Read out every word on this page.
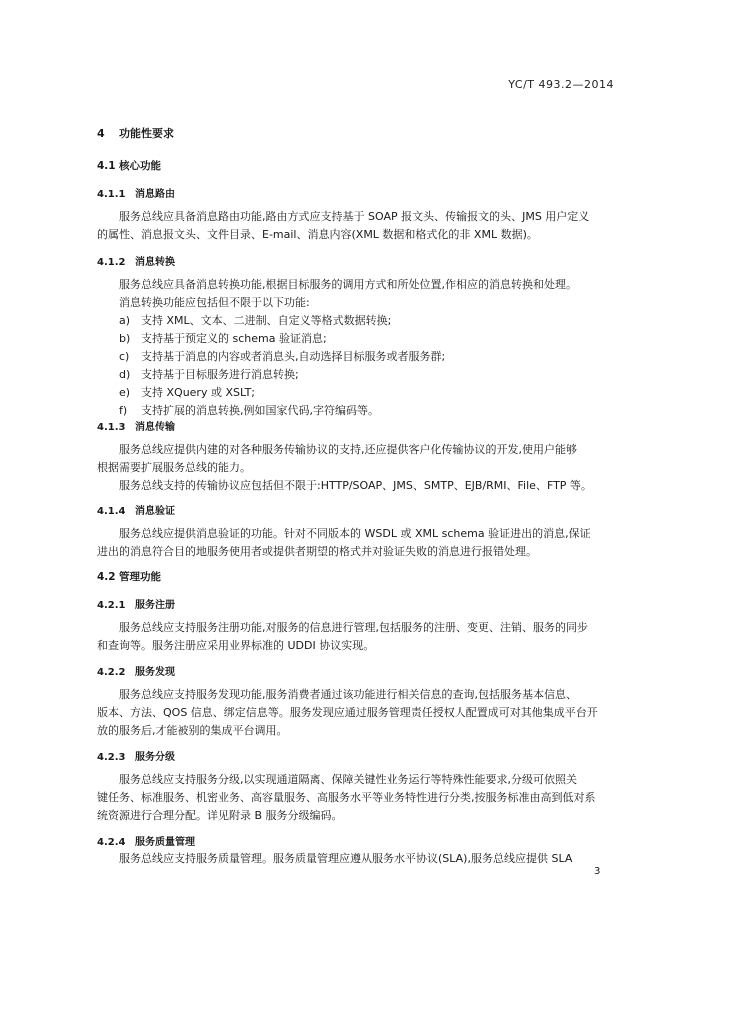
YC/T 493.2—2014
4 功能性要求
4.1 核心功能
4.1.1 消息路由
服务总线应具备消息路由功能,路由方式应支持基于 SOAP 报文头、传输报文的头、JMS 用户定义
的属性、消息报文头、文件目录、E-mail、消息内容(XML 数据和格式化的非 XML 数据)。
4.1.2 消息转换
服务总线应具备消息转换功能,根据目标服务的调用方式和所处位置,作相应的消息转换和处理。
消息转换功能应包括但不限于以下功能:
a) 支持 XML、文本、二进制、自定义等格式数据转换;
b) 支持基于预定义的 schema 验证消息;
c) 支持基于消息的内容或者消息头,自动选择目标服务或者服务群;
d) 支持基于目标服务进行消息转换;
e) 支持 XQuery 或 XSLT;
f) 支持扩展的消息转换,例如国家代码,字符编码等。
4.1.3 消息传输
服务总线应提供内建的对各种服务传输协议的支持,还应提供客户化传输协议的开发,使用户能够
根据需要扩展服务总线的能力。
服务总线支持的传输协议应包括但不限于:HTTP/SOAP、JMS、SMTP、EJB/RMI、File、FTP 等。
4.1.4 消息验证
服务总线应提供消息验证的功能。针对不同版本的 WSDL 或 XML schema 验证进出的消息,保证
进出的消息符合目的地服务使用者或提供者期望的格式并对验证失败的消息进行报错处理。
4.2 管理功能
4.2.1 服务注册
服务总线应支持服务注册功能,对服务的信息进行管理,包括服务的注册、变更、注销、服务的同步
和查询等。服务注册应采用业界标准的 UDDI 协议实现。
4.2.2 服务发现
服务总线应支持服务发现功能,服务消费者通过该功能进行相关信息的查询,包括服务基本信息、
版本、方法、QOS 信息、绑定信息等。服务发现应通过服务管理责任授权人配置成可对其他集成平台开
放的服务后,才能被别的集成平台调用。
4.2.3 服务分级
服务总线应支持服务分级,以实现通道隔离、保障关键性业务运行等特殊性能要求,分级可依照关
键任务、标准服务、机密业务、高容量服务、高服务水平等业务特性进行分类,按服务标准由高到低对系
统资源进行合理分配。详见附录 B 服务分级编码。
4.2.4 服务质量管理
服务总线应支持服务质量管理。服务质量管理应遵从服务水平协议(SLA),服务总线应提供 SLA
3
